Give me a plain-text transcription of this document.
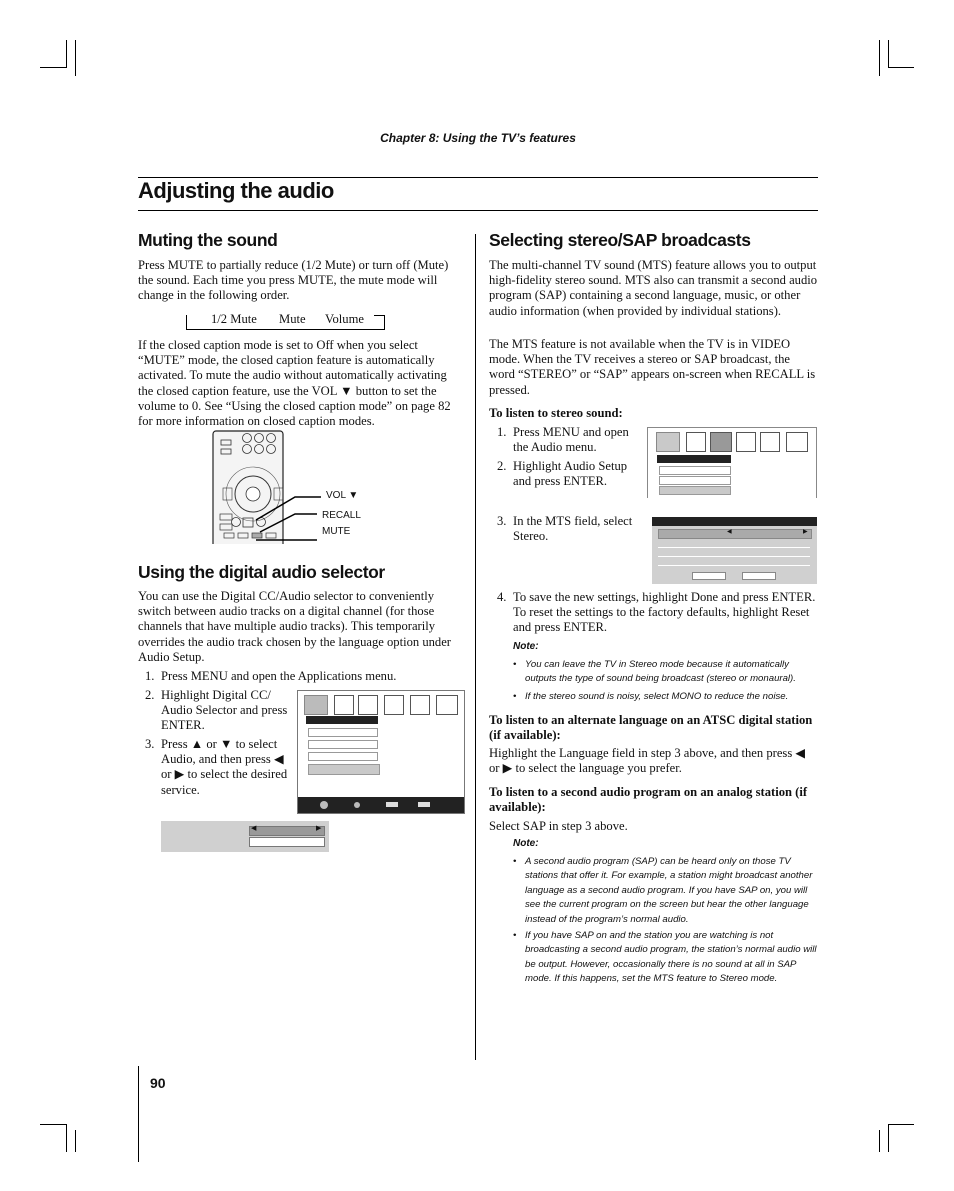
Chapter 8: Using the TV’s features
Adjusting the audio
Muting the sound

Press MUTE to partially reduce (1/2 Mute) or turn off (Mute) the sound. Each time you press MUTE, the mute mode will change in the following order.

1/2 Mute Mute Volume

If the closed caption mode is set to Off when you select “MUTE” mode, the closed caption feature is automatically activated. To mute the audio without automatically activating the closed caption feature, use the VOL ▼ button to set the volume to 0. See “Using the closed caption mode” on page 82 for more information on closed caption modes.

VOL ▼
RECALL
MUTE
Using the digital audio selector

You can use the Digital CC/Audio selector to conveniently switch between audio tracks on a digital channel (for those channels that have multiple audio tracks). This temporarily overrides the audio track chosen by the language option under Audio Setup.

1. Press MENU and open the Applications menu.
2. Highlight Digital CC/ Audio Selector and press ENTER.
3. Press ▲ or ▼ to select Audio, and then press ◀ or ▶ to select the desired service.
◀	▶
Selecting stereo/SAP broadcasts

The multi-channel TV sound (MTS) feature allows you to output high-fidelity stereo sound. MTS also can transmit a second audio program (SAP) containing a second language, music, or other audio information (when provided by individual stations).

The MTS feature is not available when the TV is in VIDEO mode. When the TV receives a stereo or SAP broadcast, the word “STEREO” or “SAP” appears on-screen when RECALL is pressed.

To listen to stereo sound:

1. Press MENU and open the Audio menu.
2. Highlight Audio Setup and press ENTER.
3. In the MTS field, select Stereo.
4. To save the new settings, highlight Done and press ENTER. To reset the settings to the factory defaults, highlight Reset and press ENTER.
◀	▶
Note:
• You can leave the TV in Stereo mode because it automatically outputs the type of sound being broadcast (stereo or monaural).
• If the stereo sound is noisy, select MONO to reduce the noise.

To listen to an alternate language on an ATSC digital station (if available):

Highlight the Language field in step 3 above, and then press ◀ or ▶ to select the language you prefer.

To listen to a second audio program on an analog station (if available):

Select SAP in step 3 above.

Note:
• A second audio program (SAP) can be heard only on those TV stations that offer it. For example, a station might broadcast another language as a second audio program. If you have SAP on, you will see the current program on the screen but hear the other language instead of the program’s normal audio.
• If you have SAP on and the station you are watching is not broadcasting a second audio program, the station’s normal audio will be output. However, occasionally there is no sound at all in SAP mode. If this happens, set the MTS feature to Stereo mode.
90
